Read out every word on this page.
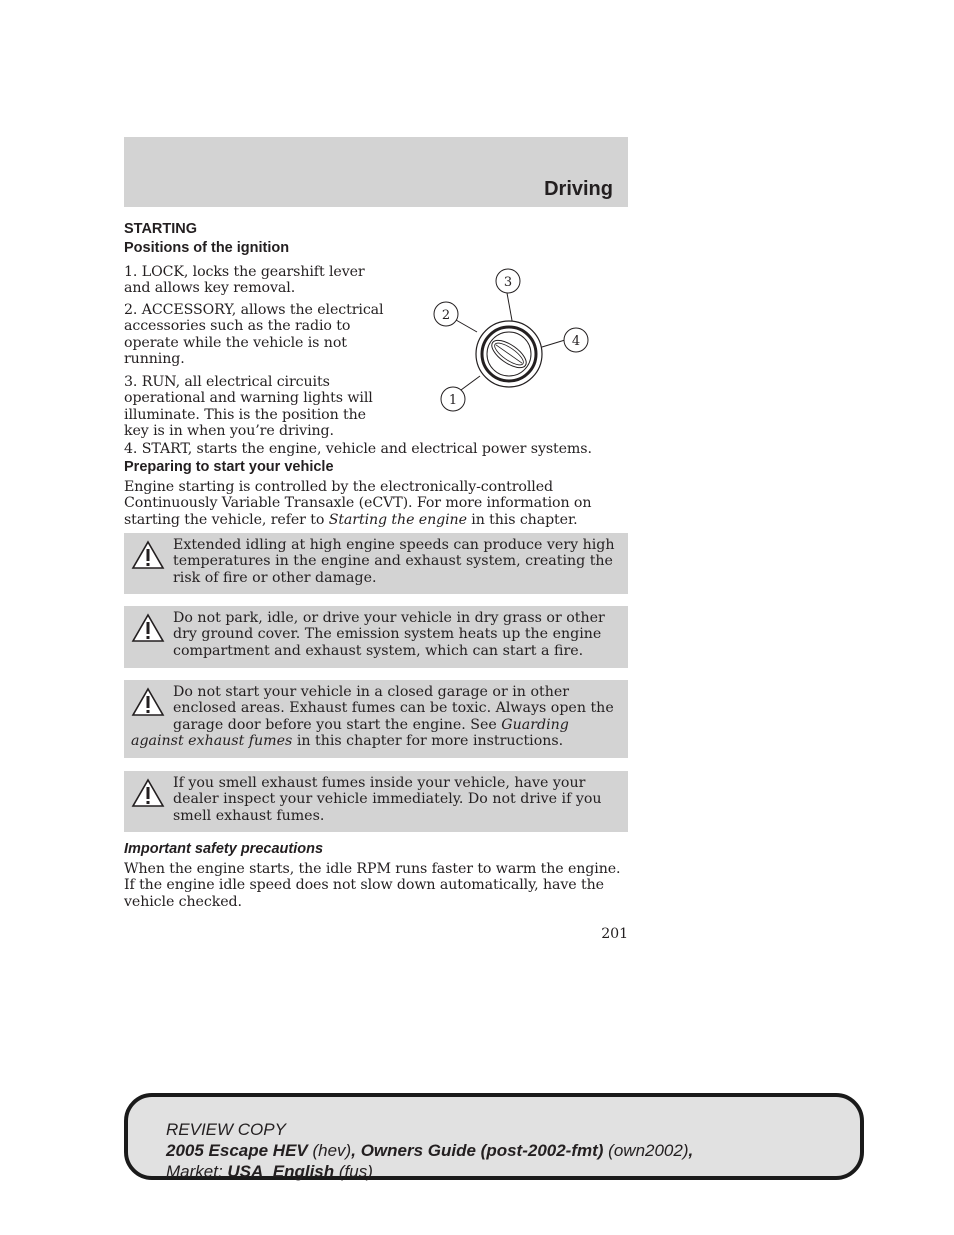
Driving
STARTING
Positions of the ignition
1. LOCK, locks the gearshift lever and allows key removal.
2. ACCESSORY, allows the electrical accessories such as the radio to operate while the vehicle is not running.
3. RUN, all electrical circuits operational and warning lights will illuminate. This is the position the key is in when you’re driving.
4. START, starts the engine, vehicle and electrical power systems.
3
2
4
1
Preparing to start your vehicle
Engine starting is controlled by the electronically-controlled Continuously Variable Transaxle (eCVT). For more information on starting the vehicle, refer to Starting the engine in this chapter.

Extended idling at high engine speeds can produce very high temperatures in the engine and exhaust system, creating the risk of fire or other damage.

Do not park, idle, or drive your vehicle in dry grass or other dry ground cover. The emission system heats up the engine compartment and exhaust system, which can start a fire.

Do not start your vehicle in a closed garage or in other enclosed areas. Exhaust fumes can be toxic. Always open the garage door before you start the engine. See Guarding against exhaust fumes in this chapter for more instructions.

If you smell exhaust fumes inside your vehicle, have your dealer inspect your vehicle immediately. Do not drive if you smell exhaust fumes.

Important safety precautions
When the engine starts, the idle RPM runs faster to warm the engine. If the engine idle speed does not slow down automatically, have the vehicle checked.
201
REVIEW COPY
2005 Escape HEV (hev), Owners Guide (post-2002-fmt) (own2002),
Market: USA_English (fus)
